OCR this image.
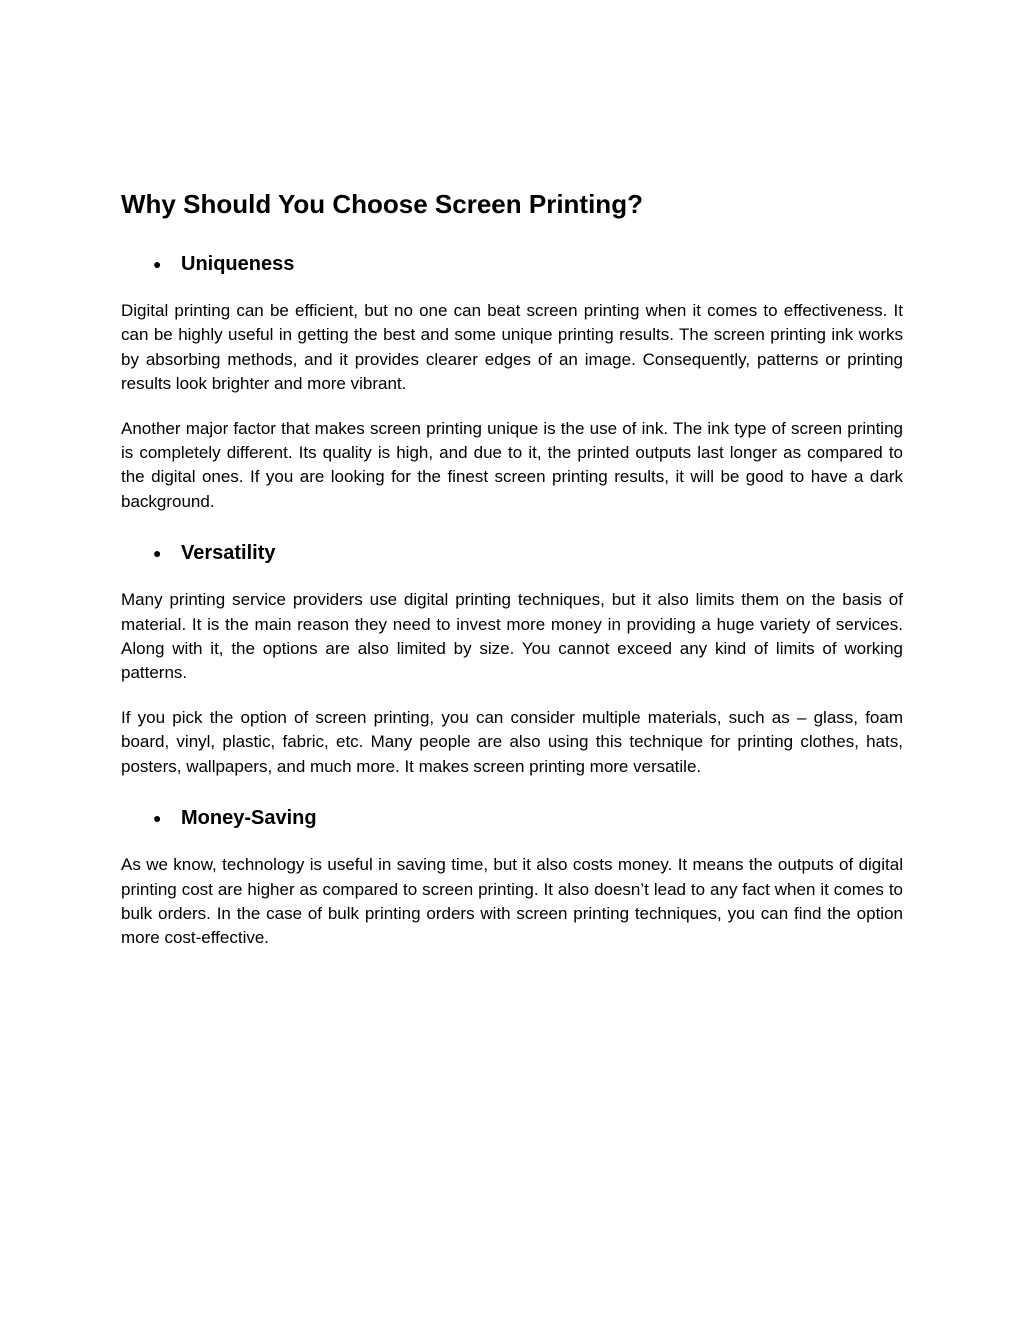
Why Should You Choose Screen Printing?
● Uniqueness

Digital printing can be efficient, but no one can beat screen printing when it comes to effectiveness. It can be highly useful in getting the best and some unique printing results. The screen printing ink works by absorbing methods, and it provides clearer edges of an image. Consequently, patterns or printing results look brighter and more vibrant.

Another major factor that makes screen printing unique is the use of ink. The ink type of screen printing is completely different. Its quality is high, and due to it, the printed outputs last longer as compared to the digital ones. If you are looking for the finest screen printing results, it will be good to have a dark background.

● Versatility

Many printing service providers use digital printing techniques, but it also limits them on the basis of material. It is the main reason they need to invest more money in providing a huge variety of services. Along with it, the options are also limited by size. You cannot exceed any kind of limits of working patterns.

If you pick the option of screen printing, you can consider multiple materials, such as – glass, foam board, vinyl, plastic, fabric, etc. Many people are also using this technique for printing clothes, hats, posters, wallpapers, and much more. It makes screen printing more versatile.

● Money-Saving

As we know, technology is useful in saving time, but it also costs money. It means the outputs of digital printing cost are higher as compared to screen printing. It also doesn’t lead to any fact when it comes to bulk orders. In the case of bulk printing orders with screen printing techniques, you can find the option more cost-effective.
